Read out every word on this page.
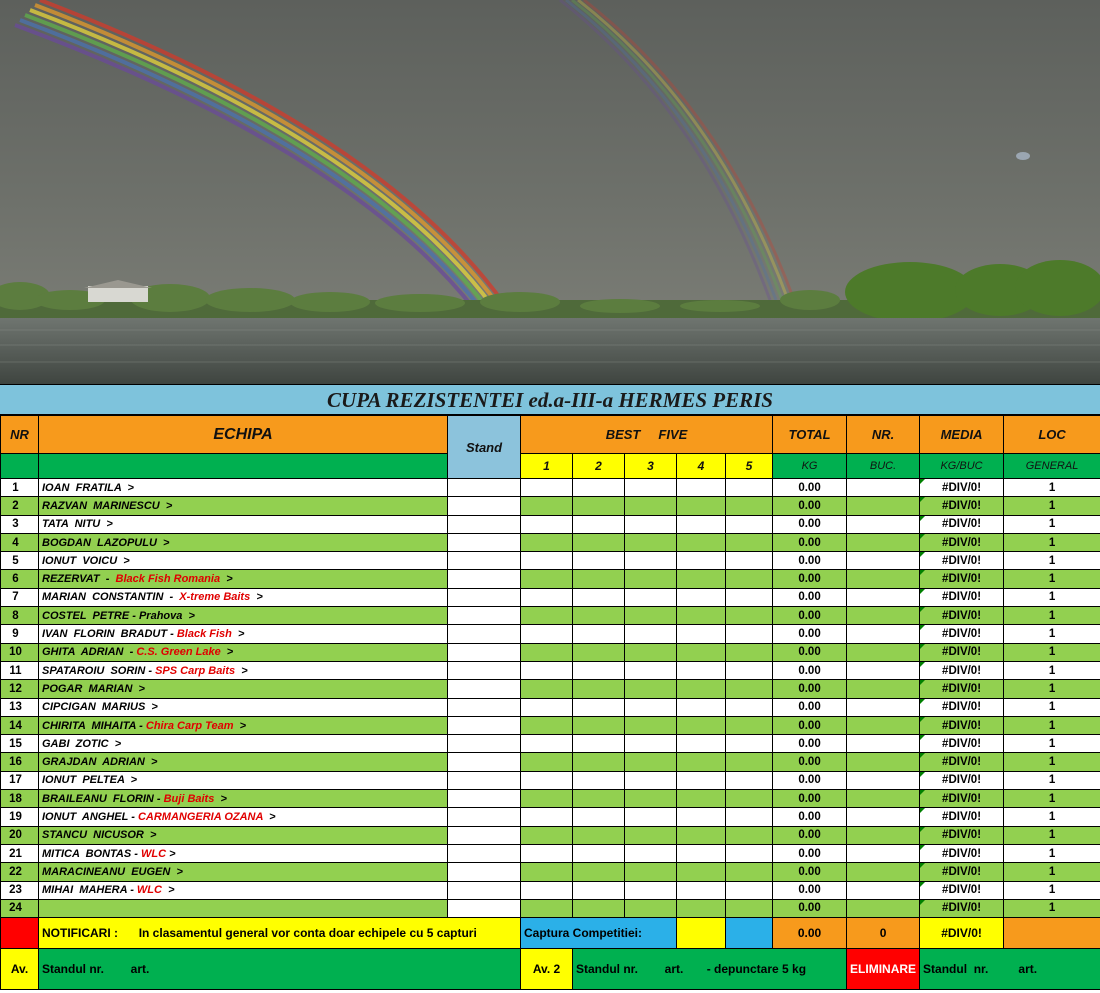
CUPA REZISTENTEI ed.a-III-a HERMES PERIS
NR	ECHIPA	Stand	BEST     FIVE					TOTAL	NR.	MEDIA	LOC
			1	2	3	4	5	KG	BUC.	KG/BUC	GENERAL
1	IOAN  FRATILA  >							0.00		#DIV/0!	1
2	RAZVAN  MARINESCU  >							0.00		#DIV/0!	1
3	TATA  NITU  >							0.00		#DIV/0!	1
4	BOGDAN  LAZOPULU  >							0.00		#DIV/0!	1
5	IONUT  VOICU  >							0.00		#DIV/0!	1
6	REZERVAT  -  Black Fish Romania  >							0.00		#DIV/0!	1
7	MARIAN  CONSTANTIN  -  X-treme Baits  >							0.00		#DIV/0!	1
8	COSTEL  PETRE - Prahova  >							0.00		#DIV/0!	1
9	IVAN  FLORIN  BRADUT - Black Fish  >							0.00		#DIV/0!	1
10	GHITA  ADRIAN  - C.S. Green Lake  >							0.00		#DIV/0!	1
11	SPATAROIU  SORIN - SPS Carp Baits  >							0.00		#DIV/0!	1
12	POGAR  MARIAN  >							0.00		#DIV/0!	1
13	CIPCIGAN  MARIUS  >							0.00		#DIV/0!	1
14	CHIRITA  MIHAITA - Chira Carp Team  >							0.00		#DIV/0!	1
15	GABI  ZOTIC  >							0.00		#DIV/0!	1
16	GRAJDAN  ADRIAN  >							0.00		#DIV/0!	1
17	IONUT  PELTEA  >							0.00		#DIV/0!	1
18	BRAILEANU  FLORIN - Buji Baits  >							0.00		#DIV/0!	1
19	IONUT  ANGHEL - CARMANGERIA OZANA  >							0.00		#DIV/0!	1
20	STANCU  NICUSOR  >							0.00		#DIV/0!	1
21	MITICA  BONTAS - WLC >							0.00		#DIV/0!	1
22	MARACINEANU  EUGEN  >							0.00		#DIV/0!	1
23	MIHAI  MAHERA - WLC  >							0.00		#DIV/0!	1
24								0.00		#DIV/0!	1
	NOTIFICARI : In clasamentul general vor conta doar echipele cu 5 capturi		Captura Competitiei:					0.00	0	#DIV/0!	
Av.	Standul nr.        art.		Av. 2	Standul nr.        art.       - depunctare 5 kg					ELIMINARE	Standul  nr.         art.	
